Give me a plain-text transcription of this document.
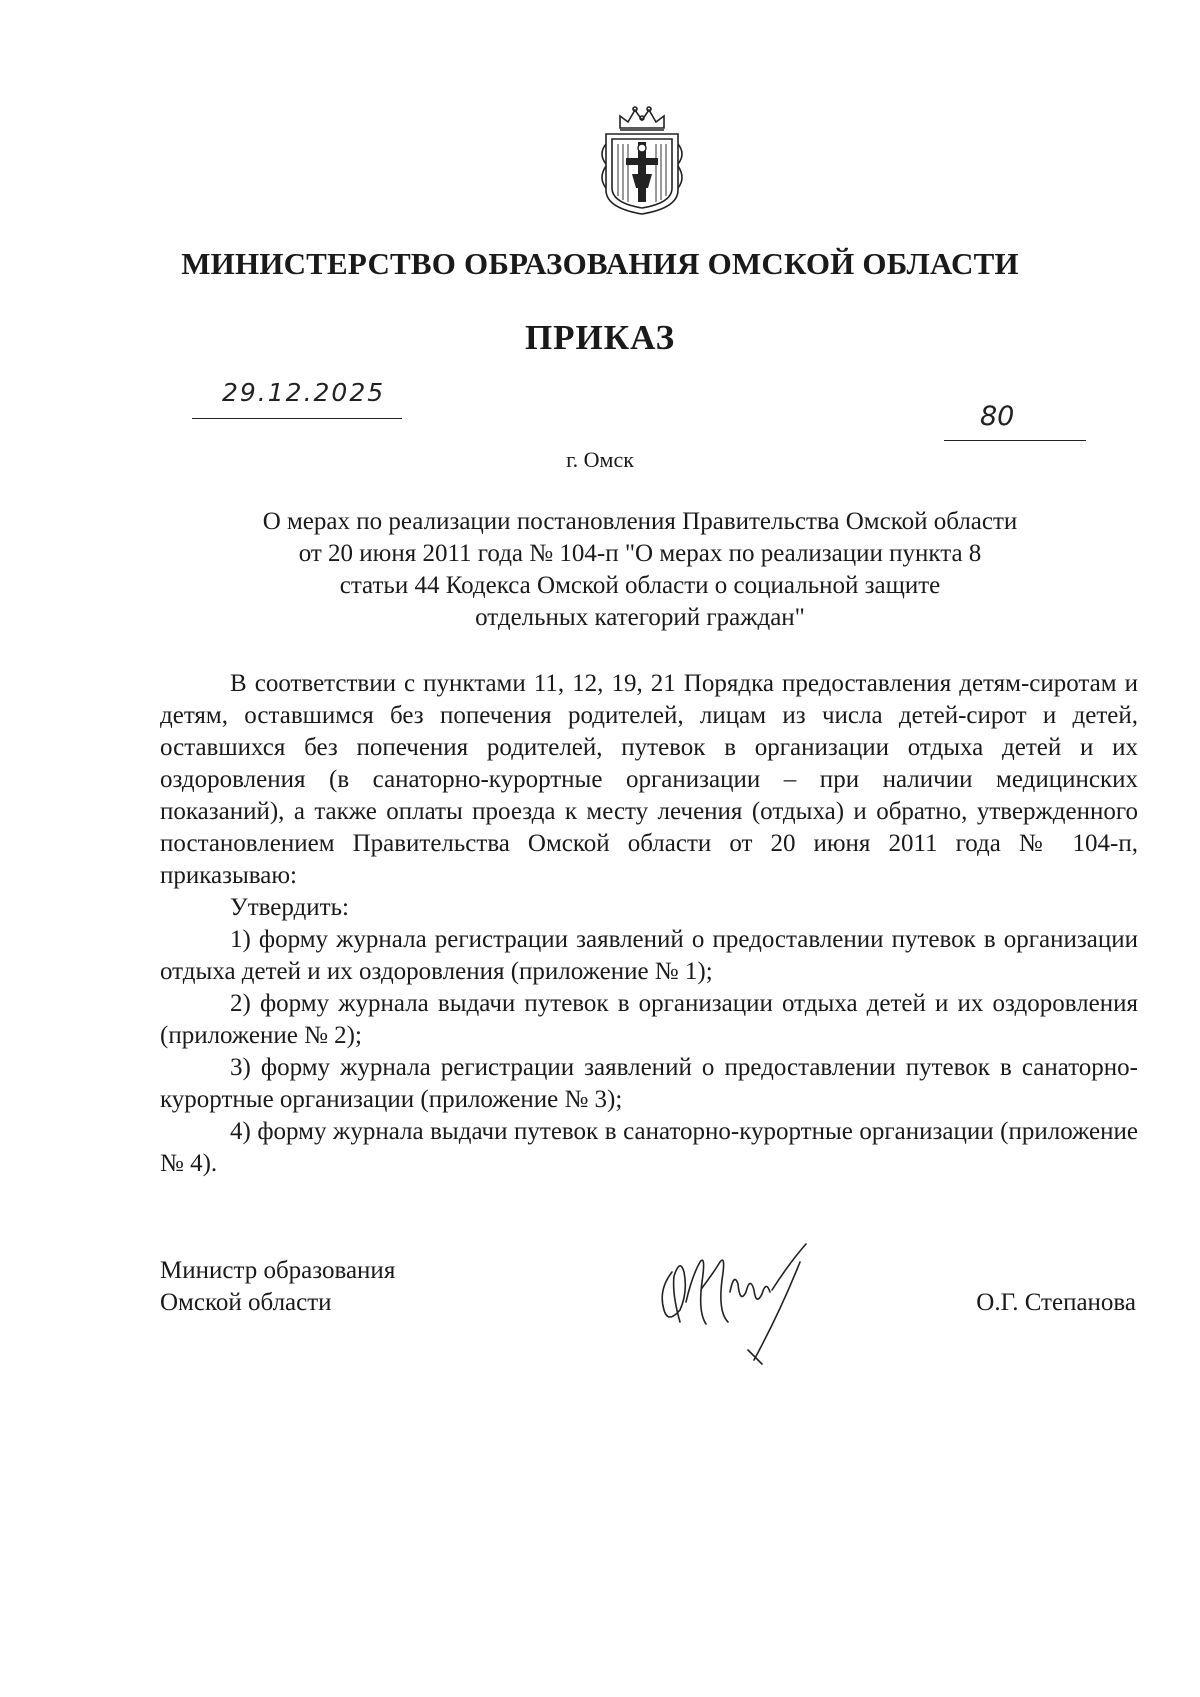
МИНИСТЕРСТВО ОБРАЗОВАНИЯ ОМСКОЙ ОБЛАСТИ
ПРИКАЗ
29.12.2025
80
г. Омск
О мерах по реализации постановления Правительства Омской области
от 20 июня 2011 года № 104-п "О мерах по реализации пункта 8
статьи 44 Кодекса Омской области о социальной защите
отдельных категорий граждан"

В соответствии с пунктами 11, 12, 19, 21 Порядка предоставления детям-сиротам и детям, оставшимся без попечения родителей, лицам из числа детей-сирот и детей, оставшихся без попечения родителей, путевок в организации отдыха детей и их оздоровления (в санаторно-курортные организации – при наличии медицинских показаний), а также оплаты проезда к месту лечения (отдыха) и обратно, утвержденного постановлением Правительства Омской области от 20 июня 2011 года № 104-п, приказываю:

Утвердить:

1) форму журнала регистрации заявлений о предоставлении путевок в организации отдыха детей и их оздоровления (приложение № 1);

2) форму журнала выдачи путевок в организации отдыха детей и их оздоровления (приложение № 2);

3) форму журнала регистрации заявлений о предоставлении путевок в санаторно-курортные организации (приложение № 3);

4) форму журнала выдачи путевок в санаторно-курортные организации (приложение № 4).

Министр образования
Омской области	О.Г. Степанова
